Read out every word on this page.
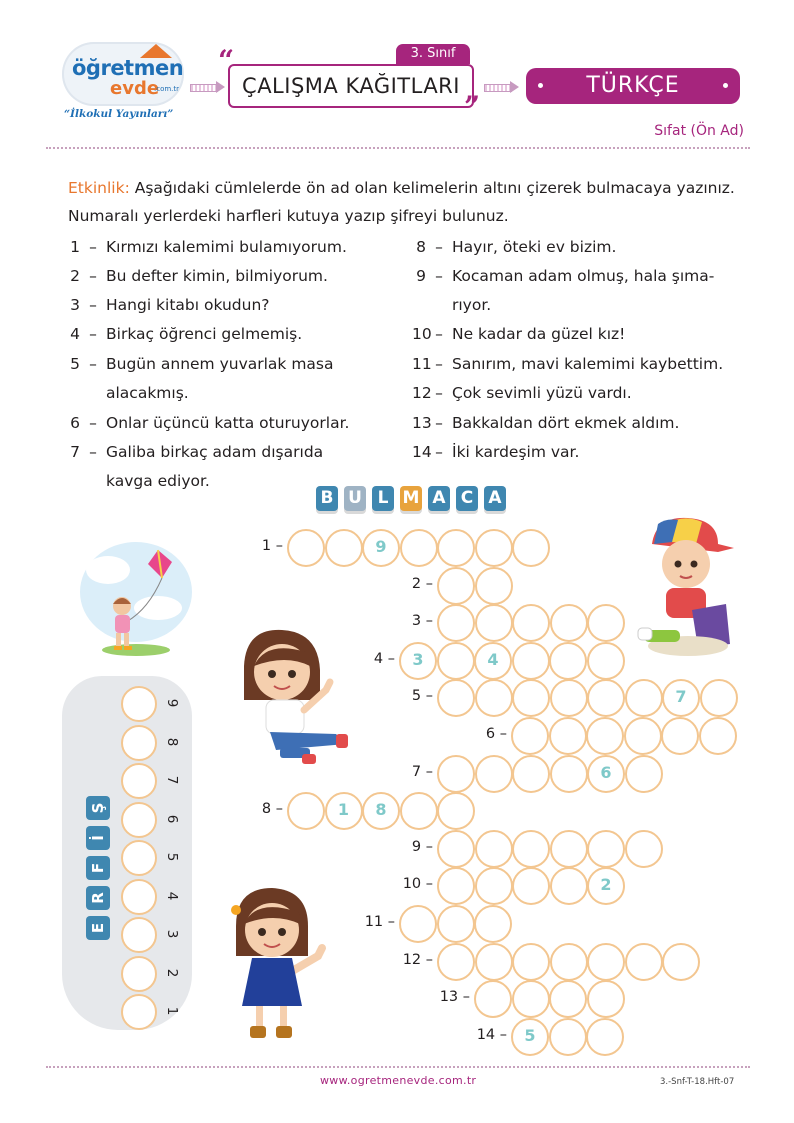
öğretmen
evde
.com.tr
“İlkokul Yayınları”
“	3. Sınıf
ÇALIŞMA KAĞITLARI
”
TÜRKÇE
Sıfat (Ön Ad)
Etkinlik: Aşağıdaki cümlelerde ön ad olan kelimelerin altını çizerek bulmacaya yazınız. Numaralı yerlerdeki harfleri kutuya yazıp şifreyi bulunuz.
1 – Kırmızı kalemimi bulamıyorum.
2 – Bu defter kimin, bilmiyorum.
3 – Hangi kitabı okudun?
4 – Birkaç öğrenci gelmemiş.
5 – Bugün annem yuvarlak masa
alacakmış.
6 – Onlar üçüncü katta oturuyorlar.
7 – Galiba birkaç adam dışarıda
kavga ediyor.
8 – Hayır, öteki ev bizim.
9 – Kocaman adam olmuş, hala şıma-
rıyor.
10 – Ne kadar da güzel kız!
11 – Sanırım, mavi kalemimi kaybettim.
12 – Çok sevimli yüzü vardı.
13 – Bakkaldan dört ekmek aldım.
14 – İki kardeşim var.
B U L M A C A
1 –	9
2 –
3 –
4 –	3	4
5 –	7
6 –
7 –	6
8 –	1	8
9 –
10 –	2
11 –
12 –
13 –
14 –	5
Ş
İ
F
R
E
1
2
3
4
5
6
7
8
9
www.ogretmenevde.com.tr	3.-Snf-T-18.Hft-07
